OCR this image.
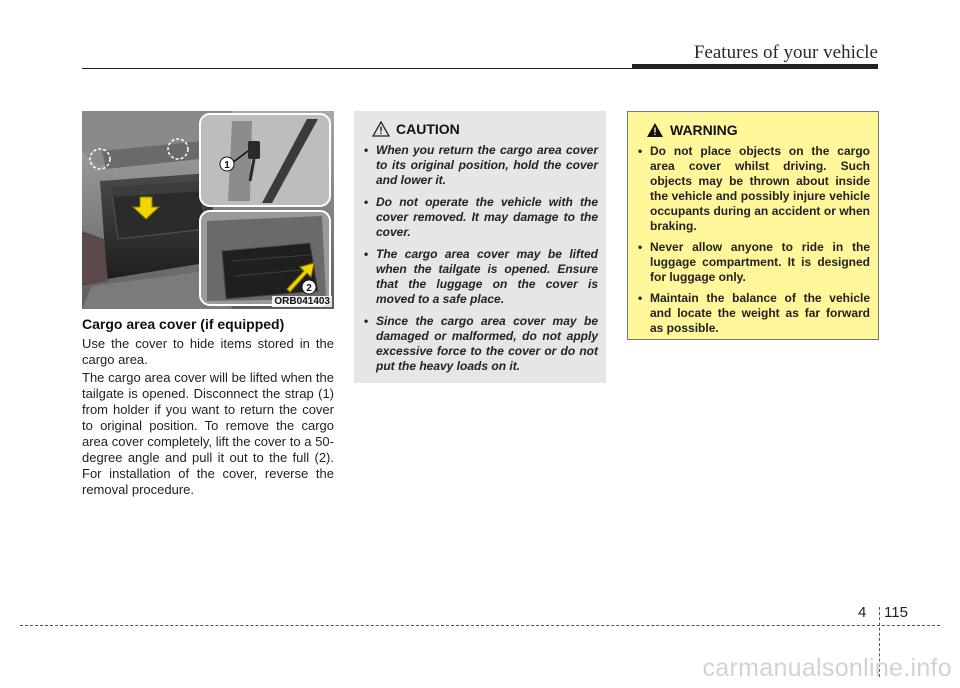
Features of your vehicle
1
2
ORB041403
Cargo area cover (if equipped)

Use the cover to hide items stored in the cargo area.

The cargo area cover will be lifted when the tailgate is opened. Disconnect the strap (1) from holder if you want to return the cover to original position. To remove the cargo area cover completely, lift the cover to a 50-degree angle and pull it out to the full (2). For installation of the cover, reverse the removal procedure.

CAUTION
• When you return the cargo area cover to its original position, hold the cover and lower it.
• Do not operate the vehicle with the cover removed. It may damage to the cover.
• The cargo area cover may be lifted when the tailgate is opened. Ensure that the luggage on the cover is moved to a safe place.
• Since the cargo area cover may be damaged or malformed, do not apply excessive force to the cover or do not put the heavy loads on it.
WARNING
• Do not place objects on the cargo area cover whilst driving. Such objects may be thrown about inside the vehicle and possibly injure vehicle occupants during an accident or when braking.
• Never allow anyone to ride in the luggage compartment. It is designed for luggage only.
• Maintain the balance of the vehicle and locate the weight as far forward as possible.
4 115
carmanualsonline.info
